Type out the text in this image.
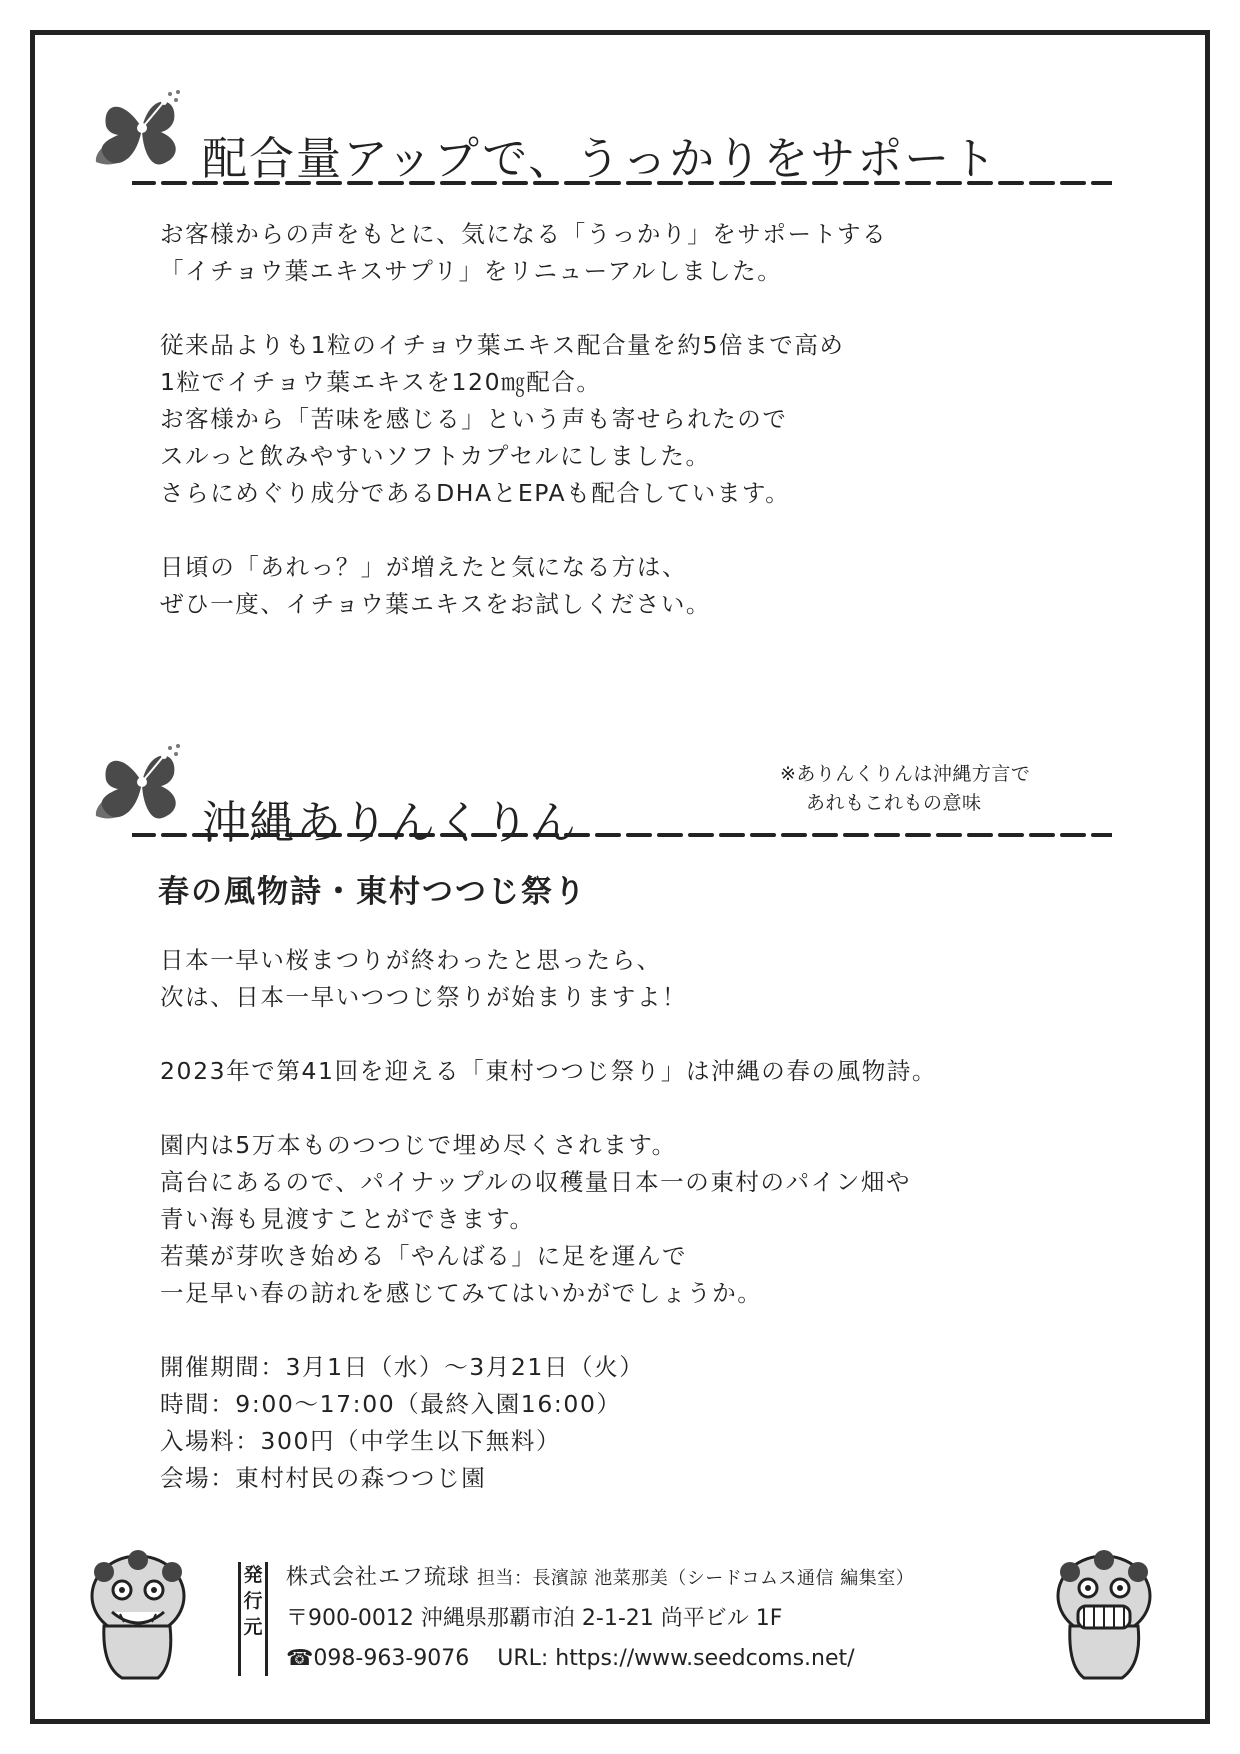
配合量アップで、うっかりをサポート

お客様からの声をもとに、気になる「うっかり」をサポートする

「イチョウ葉エキスサプリ」をリニューアルしました。

従来品よりも1粒のイチョウ葉エキス配合量を約5倍まで高め

1粒でイチョウ葉エキスを120㎎配合。

お客様から「苦味を感じる」という声も寄せられたので

スルっと飲みやすいソフトカプセルにしました。

さらにめぐり成分であるDHAとEPAも配合しています。

日頃の「あれっ？」が増えたと気になる方は、

ぜひ一度、イチョウ葉エキスをお試しください。

沖縄ありんくりん

※ありんくりんは沖縄方言で

あれもこれもの意味

春の風物詩・東村つつじ祭り

日本一早い桜まつりが終わったと思ったら、

次は、日本一早いつつじ祭りが始まりますよ！

2023年で第41回を迎える「東村つつじ祭り」は沖縄の春の風物詩。

園内は5万本ものつつじで埋め尽くされます。

高台にあるので、パイナップルの収穫量日本一の東村のパイン畑や

青い海も見渡すことができます。

若葉が芽吹き始める「やんばる」に足を運んで

一足早い春の訪れを感じてみてはいかがでしょうか。

開催期間：3月1日（水）～3月21日（火）

時間：9:00～17:00（最終入園16:00）

入場料：300円（中学生以下無料）

会場：東村村民の森つつじ園

発
行
元

株式会社エフ琉球 担当：長濱諒 池菜那美（シードコムス通信 編集室）

〒900-0012 沖縄県那覇市泊 2-1-21 尚平ビル 1F

☎098-963-9076 URL: https://www.seedcoms.net/
